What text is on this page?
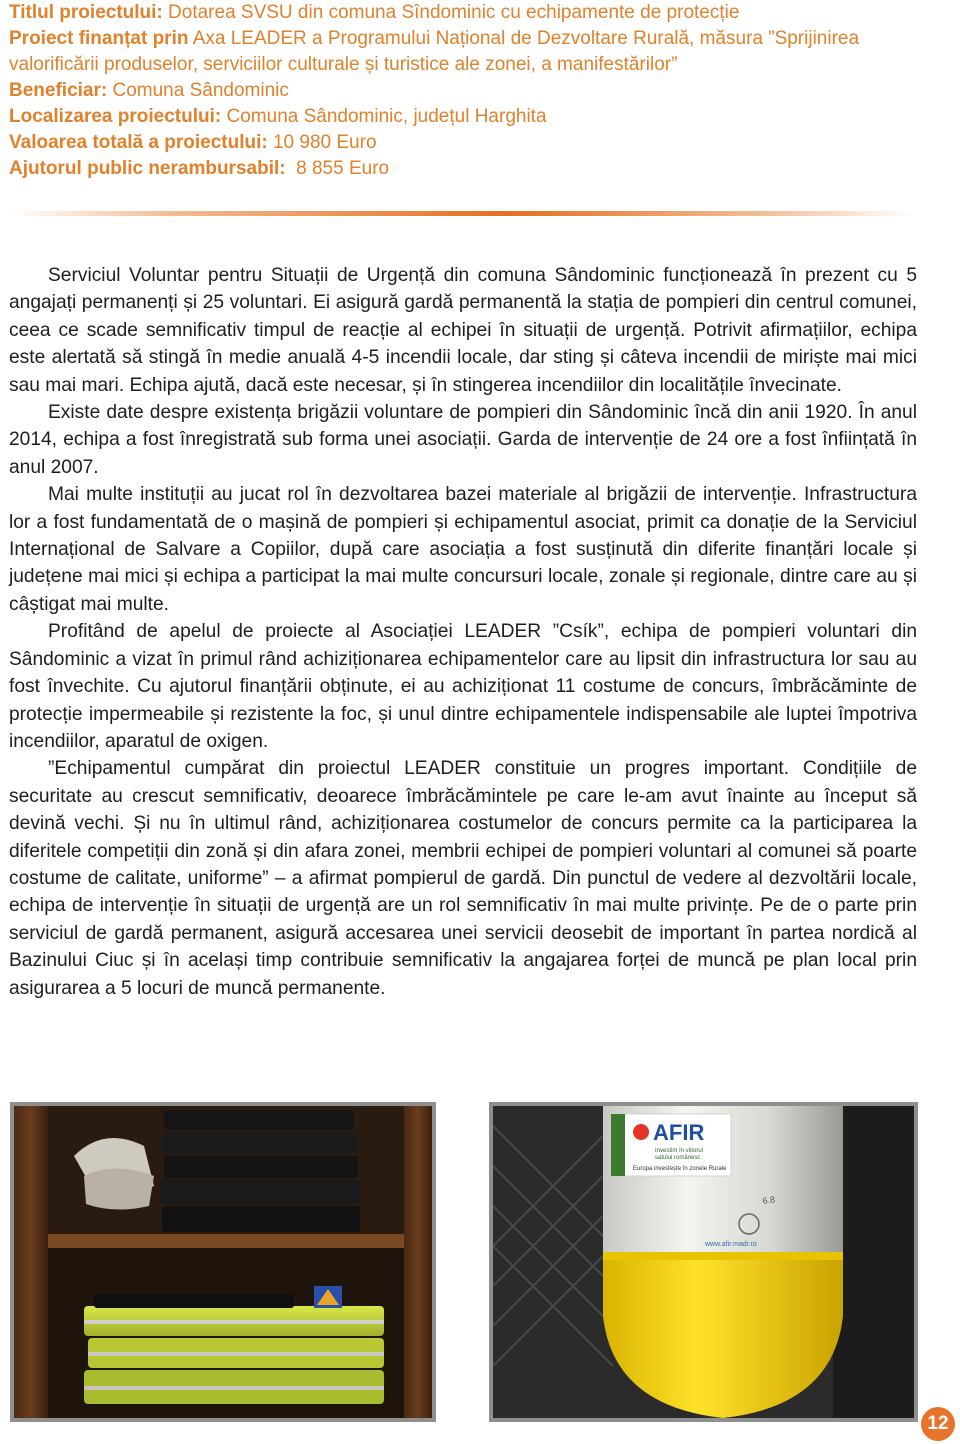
Titlul proiectului: Dotarea SVSU din comuna Sîndominic cu echipamente de protecție
Proiect finanțat prin Axa LEADER a Programului Național de Dezvoltare Rurală, măsura ”Sprijinirea valorificării produselor, serviciilor culturale și turistice ale zonei, a manifestărilor”
Beneficiar: Comuna Sândominic
Localizarea proiectului: Comuna Sândominic, județul Harghita
Valoarea totală a proiectului: 10 980 Euro
Ajutorul public nerambursabil:  8 855 Euro

Serviciul Voluntar pentru Situații de Urgență din comuna Sândominic funcționează în prezent cu 5 angajați permanenți și 25 voluntari. Ei asigură gardă permanentă la stația de pompieri din centrul comunei, ceea ce scade semnificativ timpul de reacție al echipei în situații de urgență. Potrivit afirmațiilor, echipa este alertată să stingă în medie anuală 4-5 incendii locale, dar sting și câteva incendii de miriște mai mici sau mai mari. Echipa ajută, dacă este necesar, și în stingerea incendiilor din localitățile învecinate.

Existe date despre existența brigăzii voluntare de pompieri din Sândominic încă din anii 1920. În anul 2014, echipa a fost înregistrată sub forma unei asociații. Garda de intervenție de 24 ore a fost înființată în anul 2007.

Mai multe instituții au jucat rol în dezvoltarea bazei materiale al brigăzii de intervenție. Infrastructura lor a fost fundamentată de o mașină de pompieri și echipamentul asociat, primit ca donație de la Serviciul Internațional de Salvare a Copiilor, după care asociația a fost susținută din diferite finanțări locale și județene mai mici și echipa a participat la mai multe concursuri locale, zonale și regionale, dintre care au și câștigat mai multe.

Profitând de apelul de proiecte al Asociației LEADER ”Csík”, echipa de pompieri voluntari din Sândominic a vizat în primul rând achiziționarea echipamentelor care au lipsit din infrastructura lor sau au fost învechite. Cu ajutorul finanțării obținute, ei au achiziționat 11 costume de concurs, îmbrăcăminte de protecție impermeabile și rezistente la foc, și unul dintre echipamentele indispensabile ale luptei împotriva incendiilor, aparatul de oxigen.

”Echipamentul cumpărat din proiectul LEADER constituie un progres important. Condițiile de securitate au crescut semnificativ, deoarece îmbrăcămintele pe care le-am avut înainte au început să devină vechi. Și nu în ultimul rând, achiziționarea costumelor de concurs permite ca la participarea la diferitele competiții din zonă și din afara zonei, membrii echipei de pompieri voluntari al comunei să poarte costume de calitate, uniforme” – a afirmat pompierul de gardă. Din punctul de vedere al dezvoltării locale, echipa de intervenție în situații de urgență are un rol semnificativ în mai multe privințe. Pe de o parte prin serviciul de gardă permanent, asigură accesarea unei servicii deosebit de important în partea nordică al Bazinului Ciuc și în același timp contribuie semnificativ la angajarea forței de muncă pe plan local prin asigurarea a 5 locuri de muncă permanente.

AFIR
Investim în viitorul
satului românesc
Europa investește în zonele Rurale
6.8
www.afir.madr.ro
12
